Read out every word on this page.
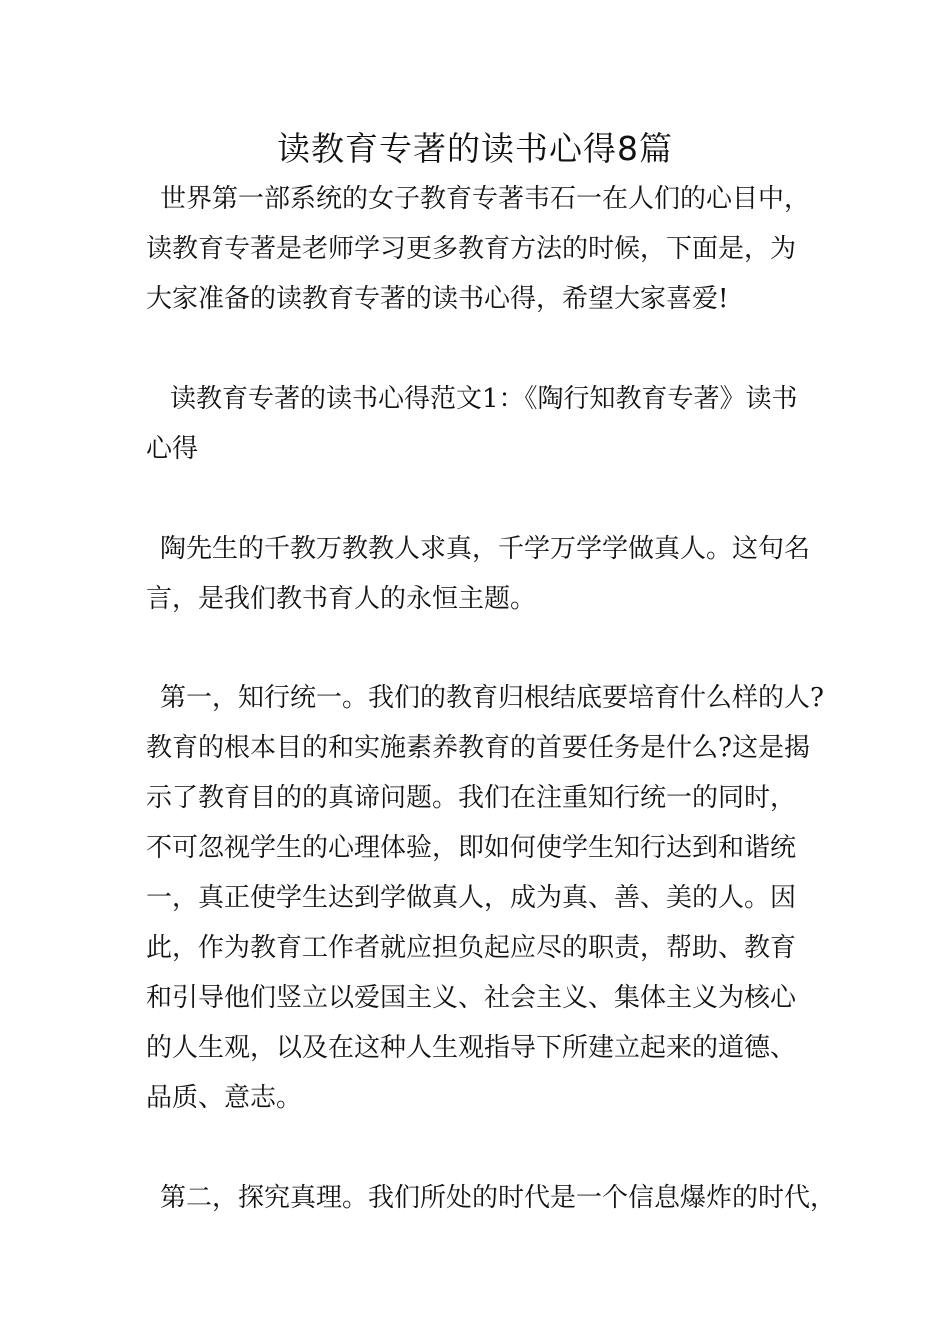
读教育专著的读书心得8篇
世界第一部系统的女子教育专著韦石一在人们的心目中，
读教育专著是老师学习更多教育方法的时候，下面是，为
大家准备的读教育专著的读书心得，希望大家喜爱!
读教育专著的读书心得范文1：《陶行知教育专著》读书
心得
陶先生的千教万教教人求真，千学万学学做真人。这句名
言，是我们教书育人的永恒主题。
第一，知行统一。我们的教育归根结底要培育什么样的人?
教育的根本目的和实施素养教育的首要任务是什么?这是揭
示了教育目的的真谛问题。我们在注重知行统一的同时，
不可忽视学生的心理体验，即如何使学生知行达到和谐统
一，真正使学生达到学做真人，成为真、善、美的人。因
此，作为教育工作者就应担负起应尽的职责，帮助、教育
和引导他们竖立以爱国主义、社会主义、集体主义为核心
的人生观，以及在这种人生观指导下所建立起来的道德、
品质、意志。
第二，探究真理。我们所处的时代是一个信息爆炸的时代，
